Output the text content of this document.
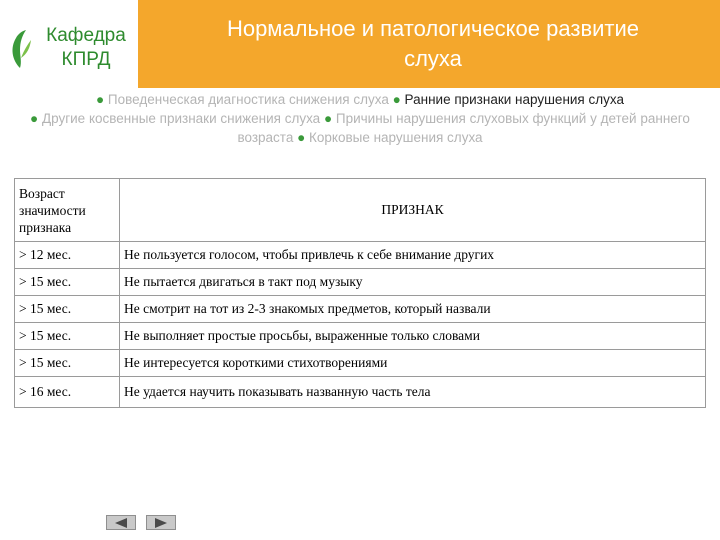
Кафедра
КПРД
Нормальное и патологическое развитие слуха
● Поведенческая диагностика снижения слуха ● Ранние признаки нарушения слуха
● Другие косвенные признаки снижения слуха ● Причины нарушения слуховых функций у детей раннего возраста ● Корковые нарушения слуха
Возраст значимости признака	ПРИЗНАК
> 12 мес.	Не пользуется голосом, чтобы привлечь к себе внимание других
> 15 мес.	Не пытается двигаться в такт под музыку
> 15 мес.	Не смотрит на тот из 2-3 знакомых предметов, который назвали
> 15 мес.	Не выполняет простые просьбы, выраженные только словами
> 15 мес.	Не интересуется короткими стихотворениями
> 16 мес.	Не удается научить показывать названную часть тела
